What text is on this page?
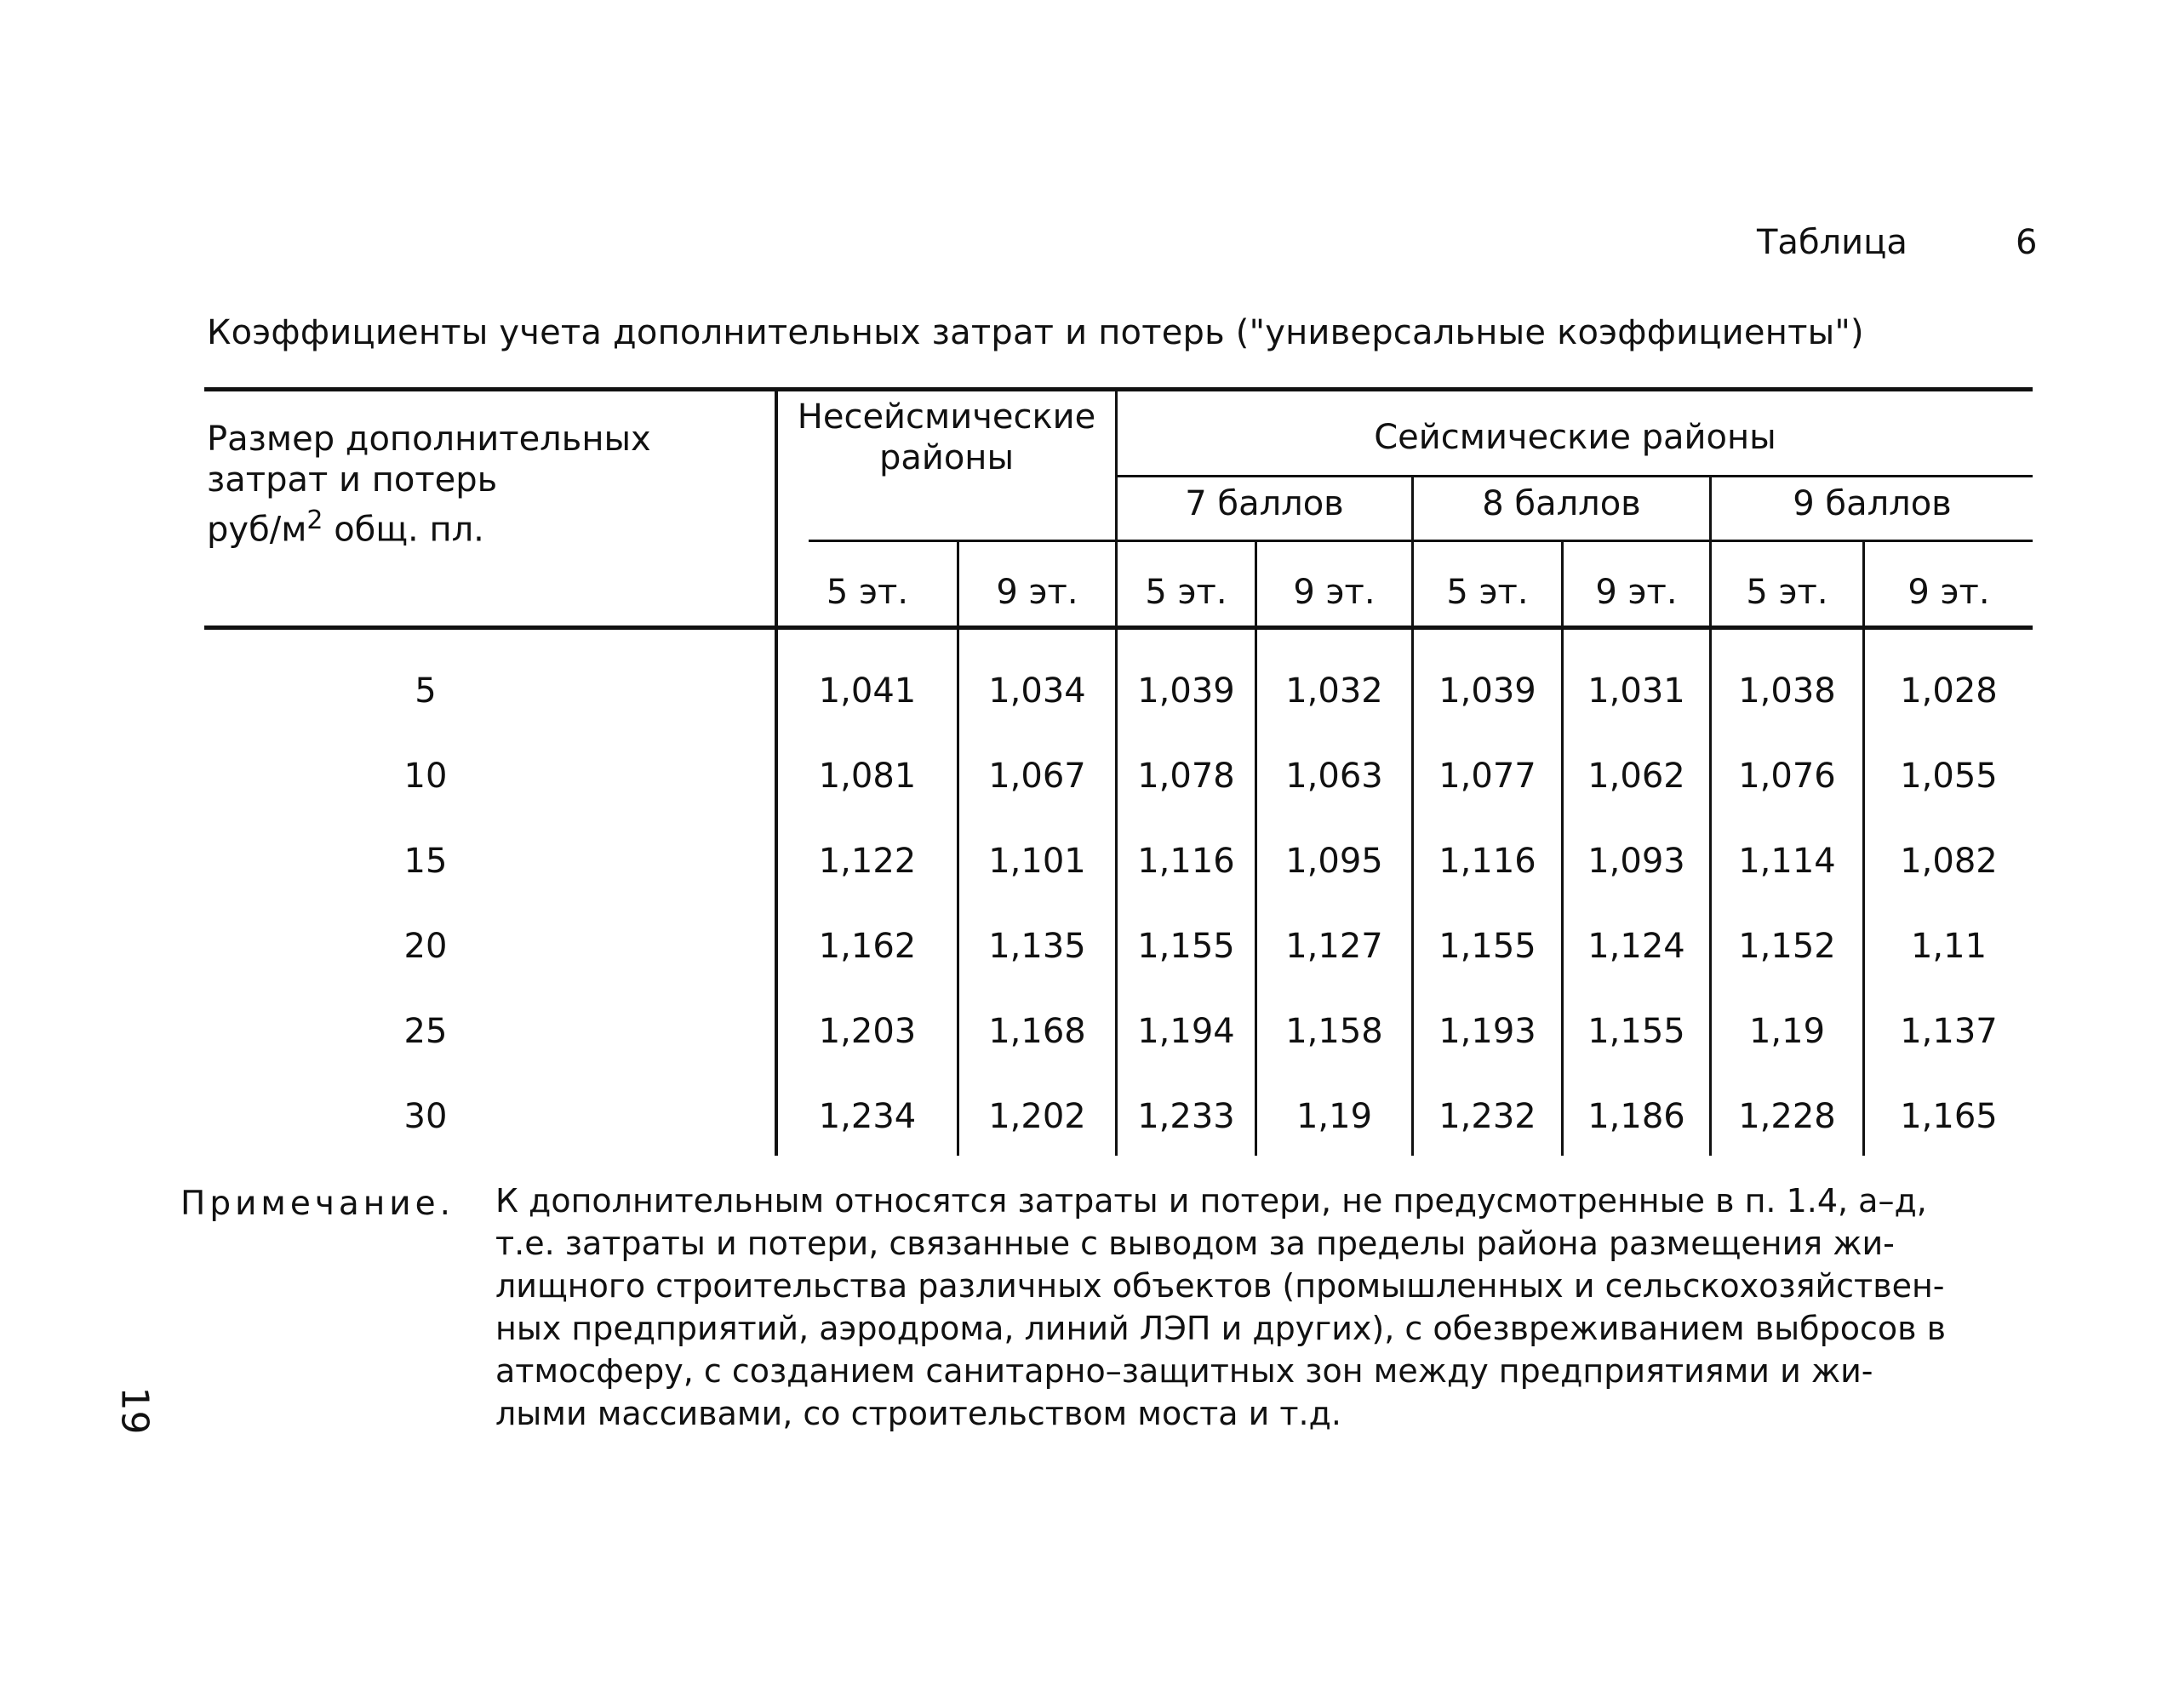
Таблица	6
Коэффициенты учета дополнительных затрат и потерь ("универсальные коэффициенты")
Размер дополнительных
затрат и потерь
руб/$м^2$ общ. пл.
Несейсмические
районы
Сейсмические районы
7 баллов	8 баллов	9 баллов
5 эт.	9 эт.	5 эт.	9 эт.	5 эт.	9 эт.	5 эт.	9 эт.
5	1,041	1,034	1,039	1,032	1,039	1,031	1,038	1,028
10	1,081	1,067	1,078	1,063	1,077	1,062	1,076	1,055
15	1,122	1,101	1,116	1,095	1,116	1,093	1,114	1,082
20	1,162	1,135	1,155	1,127	1,155	1,124	1,152	1,11
25	1,203	1,168	1,194	1,158	1,193	1,155	1,19	1,137
30	1,234	1,202	1,233	1,19	1,232	1,186	1,228	1,165
Примечание. К дополнительным относятся затраты и потери, не предусмотренные в п. 1.4, а–д,
т.е. затраты и потери, связанные с выводом за пределы района размещения жи-
лищного строительства различных объектов (промышленных и сельскохозяйствен-
ных предприятий, аэродрома, линий ЛЭП и других), с обезвреживанием выбросов в
атмосферу, с созданием санитарно–защитных зон между предприятиями и жи-
лыми массивами, со строительством моста и т.д.
19
